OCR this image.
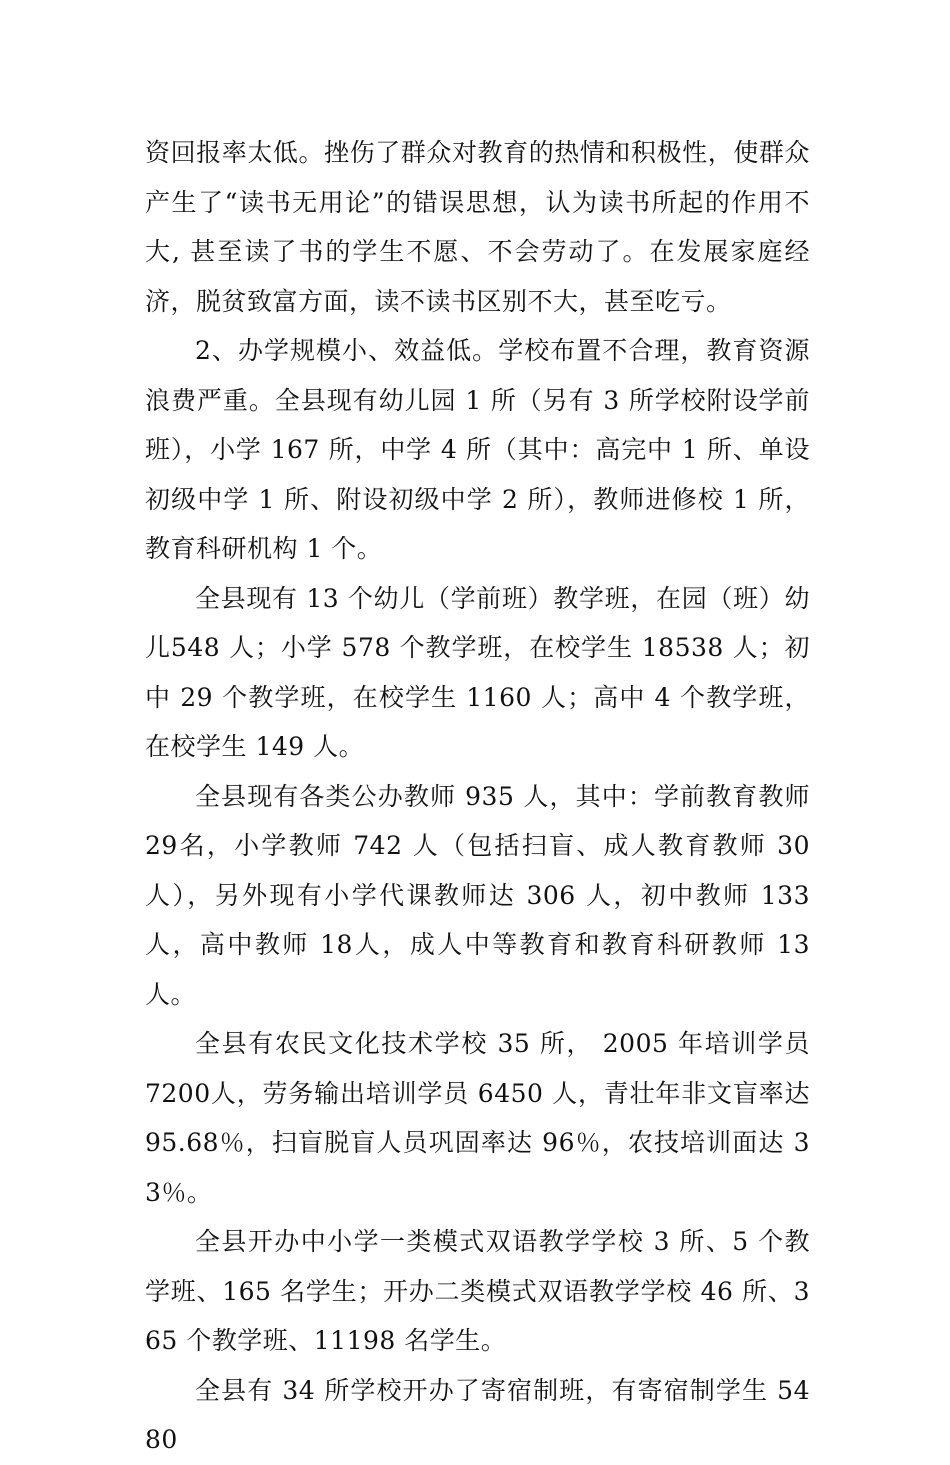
资回报率太低。挫伤了群众对教育的热情和积极性，使群众产生了“读书无用论”的错误思想，认为读书所起的作用不大, 甚至读了书的学生不愿、不会劳动了。在发展家庭经济，脱贫致富方面，读不读书区别不大，甚至吃亏。

2、办学规模小、效益低。学校布置不合理，教育资源浪费严重。全县现有幼儿园 1 所（另有 3 所学校附设学前班），小学 167 所，中学 4 所（其中：高完中 1 所、单设初级中学 1 所、附设初级中学 2 所），教师进修校 1 所，教育科研机构 1 个。

全县现有 13 个幼儿（学前班）教学班，在园（班）幼儿548 人；小学 578 个教学班，在校学生 18538 人；初中 29 个教学班，在校学生 1160 人；高中 4 个教学班，在校学生 149 人。

全县现有各类公办教师 935 人，其中：学前教育教师 29名，小学教师 742 人（包括扫盲、成人教育教师 30 人），另外现有小学代课教师达 306 人，初中教师 133 人，高中教师 18人，成人中等教育和教育科研教师 13 人。

全县有农民文化技术学校 35 所， 2005 年培训学员 7200人，劳务输出培训学员 6450 人，青壮年非文盲率达 95.68％，扫盲脱盲人员巩固率达 96％，农技培训面达 33％。

全县开办中小学一类模式双语教学学校 3 所、5 个教学班、165 名学生；开办二类模式双语教学学校 46 所、365 个教学班、11198 名学生。

全县有 34 所学校开办了寄宿制班，有寄宿制学生 5480
